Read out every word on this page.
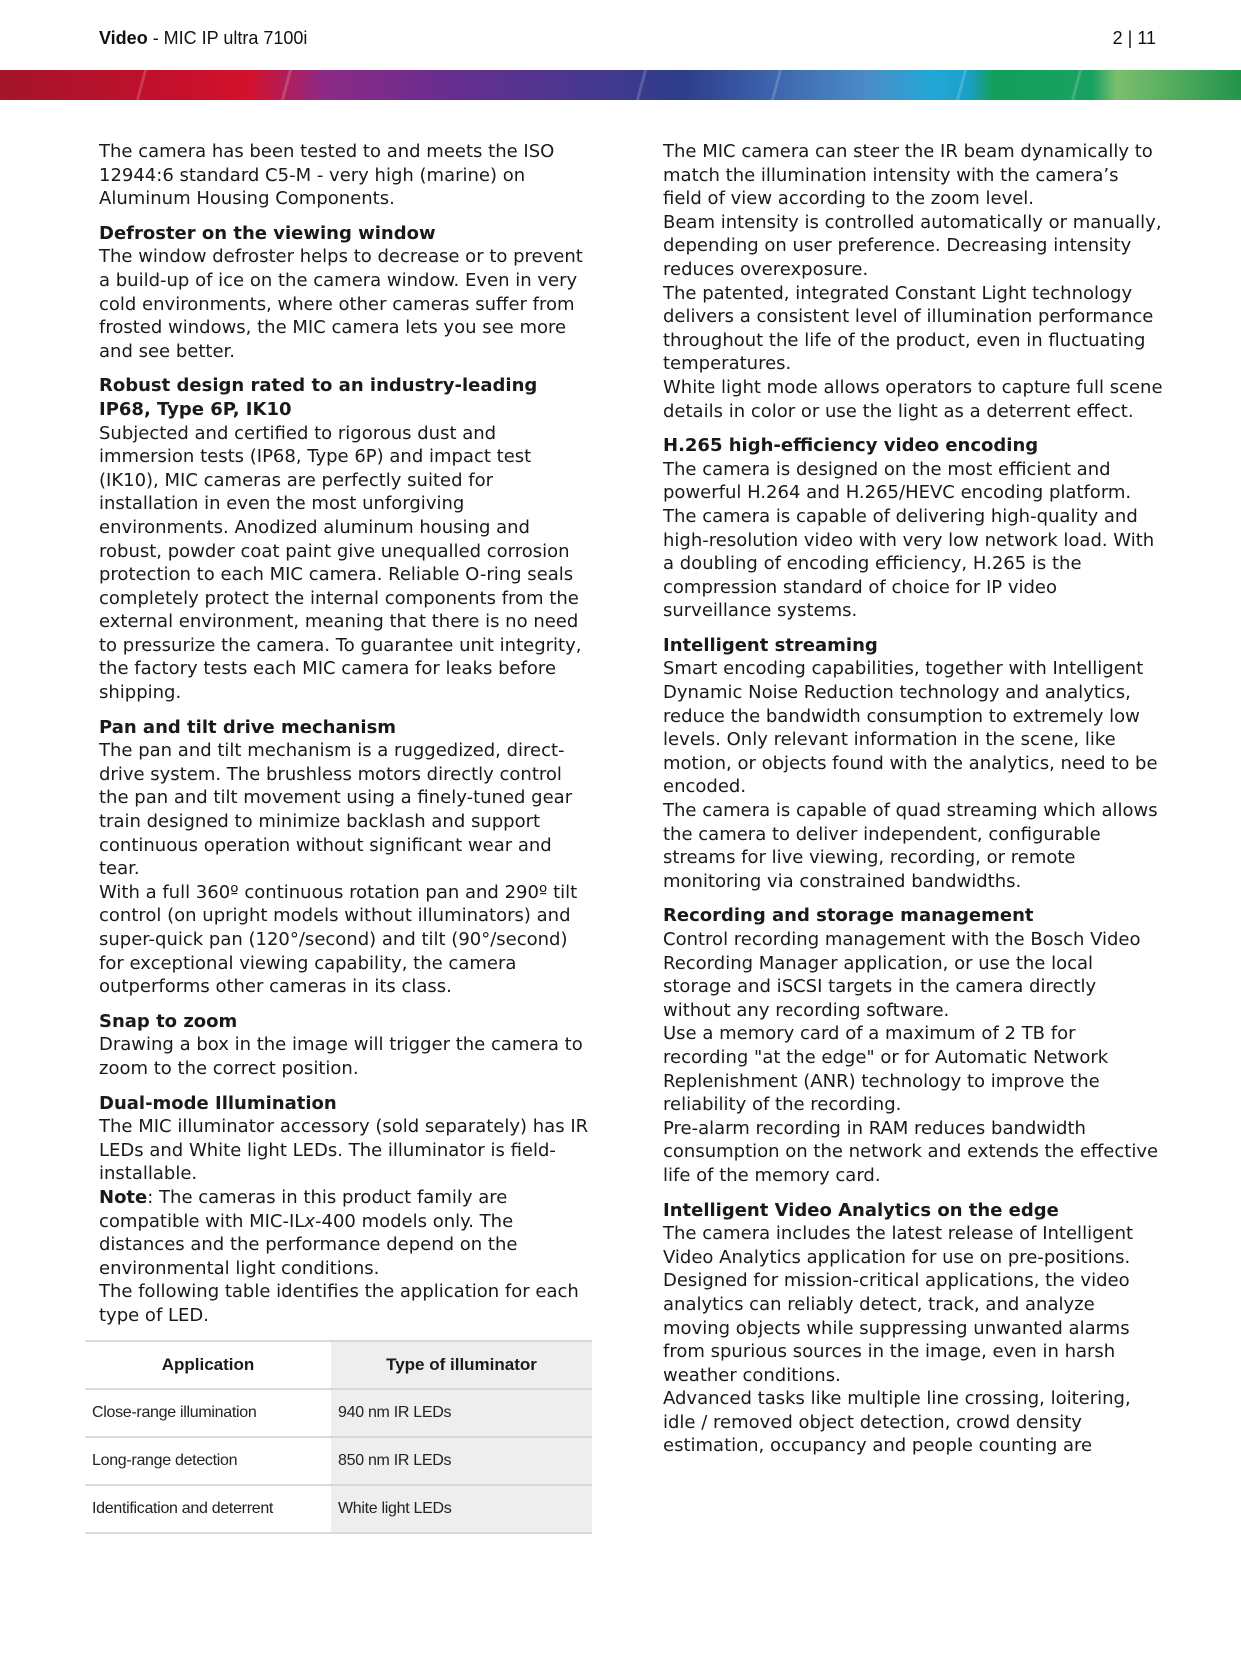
Video - MIC IP ultra 7100i	2 | 11

The camera has been tested to and meets the ISO 12944:6 standard C5-M - very high (marine) on Aluminum Housing Components.

Defroster on the viewing window

The window defroster helps to decrease or to prevent a build-up of ice on the camera window. Even in very cold environments, where other cameras suffer from frosted windows, the MIC camera lets you see more and see better.

Robust design rated to an industry-leading IP68, Type 6P, IK10

Subjected and certified to rigorous dust and immersion tests (IP68, Type 6P) and impact test (IK10), MIC cameras are perfectly suited for installation in even the most unforgiving environments. Anodized aluminum housing and robust, powder coat paint give unequalled corrosion protection to each MIC camera. Reliable O-ring seals completely protect the internal components from the external environment, meaning that there is no need to pressurize the camera. To guarantee unit integrity, the factory tests each MIC camera for leaks before shipping.

Pan and tilt drive mechanism

The pan and tilt mechanism is a ruggedized, direct-drive system. The brushless motors directly control the pan and tilt movement using a finely-tuned gear train designed to minimize backlash and support continuous operation without significant wear and tear.

With a full 360º continuous rotation pan and 290º tilt control (on upright models without illuminators) and super-quick pan (120°/second) and tilt (90°/second) for exceptional viewing capability, the camera outperforms other cameras in its class.

Snap to zoom

Drawing a box in the image will trigger the camera to zoom to the correct position.

Dual-mode Illumination

The MIC illuminator accessory (sold separately) has IR LEDs and White light LEDs. The illuminator is field-installable.

Note: The cameras in this product family are compatible with MIC-ILx-400 models only. The distances and the performance depend on the environmental light conditions.

The following table identifies the application for each type of LED.

Application	Type of illuminator
Close-range illumination	940 nm IR LEDs
Long-range detection	850 nm IR LEDs
Identification and deterrent	White light LEDs

The MIC camera can steer the IR beam dynamically to match the illumination intensity with the camera’s field of view according to the zoom level.

Beam intensity is controlled automatically or manually, depending on user preference. Decreasing intensity reduces overexposure.

The patented, integrated Constant Light technology delivers a consistent level of illumination performance throughout the life of the product, even in fluctuating temperatures.

White light mode allows operators to capture full scene details in color or use the light as a deterrent effect.

H.265 high-efficiency video encoding

The camera is designed on the most efficient and powerful H.264 and H.265/HEVC encoding platform. The camera is capable of delivering high-quality and high-resolution video with very low network load. With a doubling of encoding efficiency, H.265 is the compression standard of choice for IP video surveillance systems.

Intelligent streaming

Smart encoding capabilities, together with Intelligent Dynamic Noise Reduction technology and analytics, reduce the bandwidth consumption to extremely low levels. Only relevant information in the scene, like motion, or objects found with the analytics, need to be encoded.

The camera is capable of quad streaming which allows the camera to deliver independent, configurable streams for live viewing, recording, or remote monitoring via constrained bandwidths.

Recording and storage management

Control recording management with the Bosch Video Recording Manager application, or use the local storage and iSCSI targets in the camera directly without any recording software.

Use a memory card of a maximum of 2 TB for recording "at the edge" or for Automatic Network Replenishment (ANR) technology to improve the reliability of the recording.

Pre-alarm recording in RAM reduces bandwidth consumption on the network and extends the effective life of the memory card.

Intelligent Video Analytics on the edge

The camera includes the latest release of Intelligent Video Analytics application for use on pre-positions.

Designed for mission-critical applications, the video analytics can reliably detect, track, and analyze moving objects while suppressing unwanted alarms from spurious sources in the image, even in harsh weather conditions.

Advanced tasks like multiple line crossing, loitering, idle / removed object detection, crowd density estimation, occupancy and people counting are
